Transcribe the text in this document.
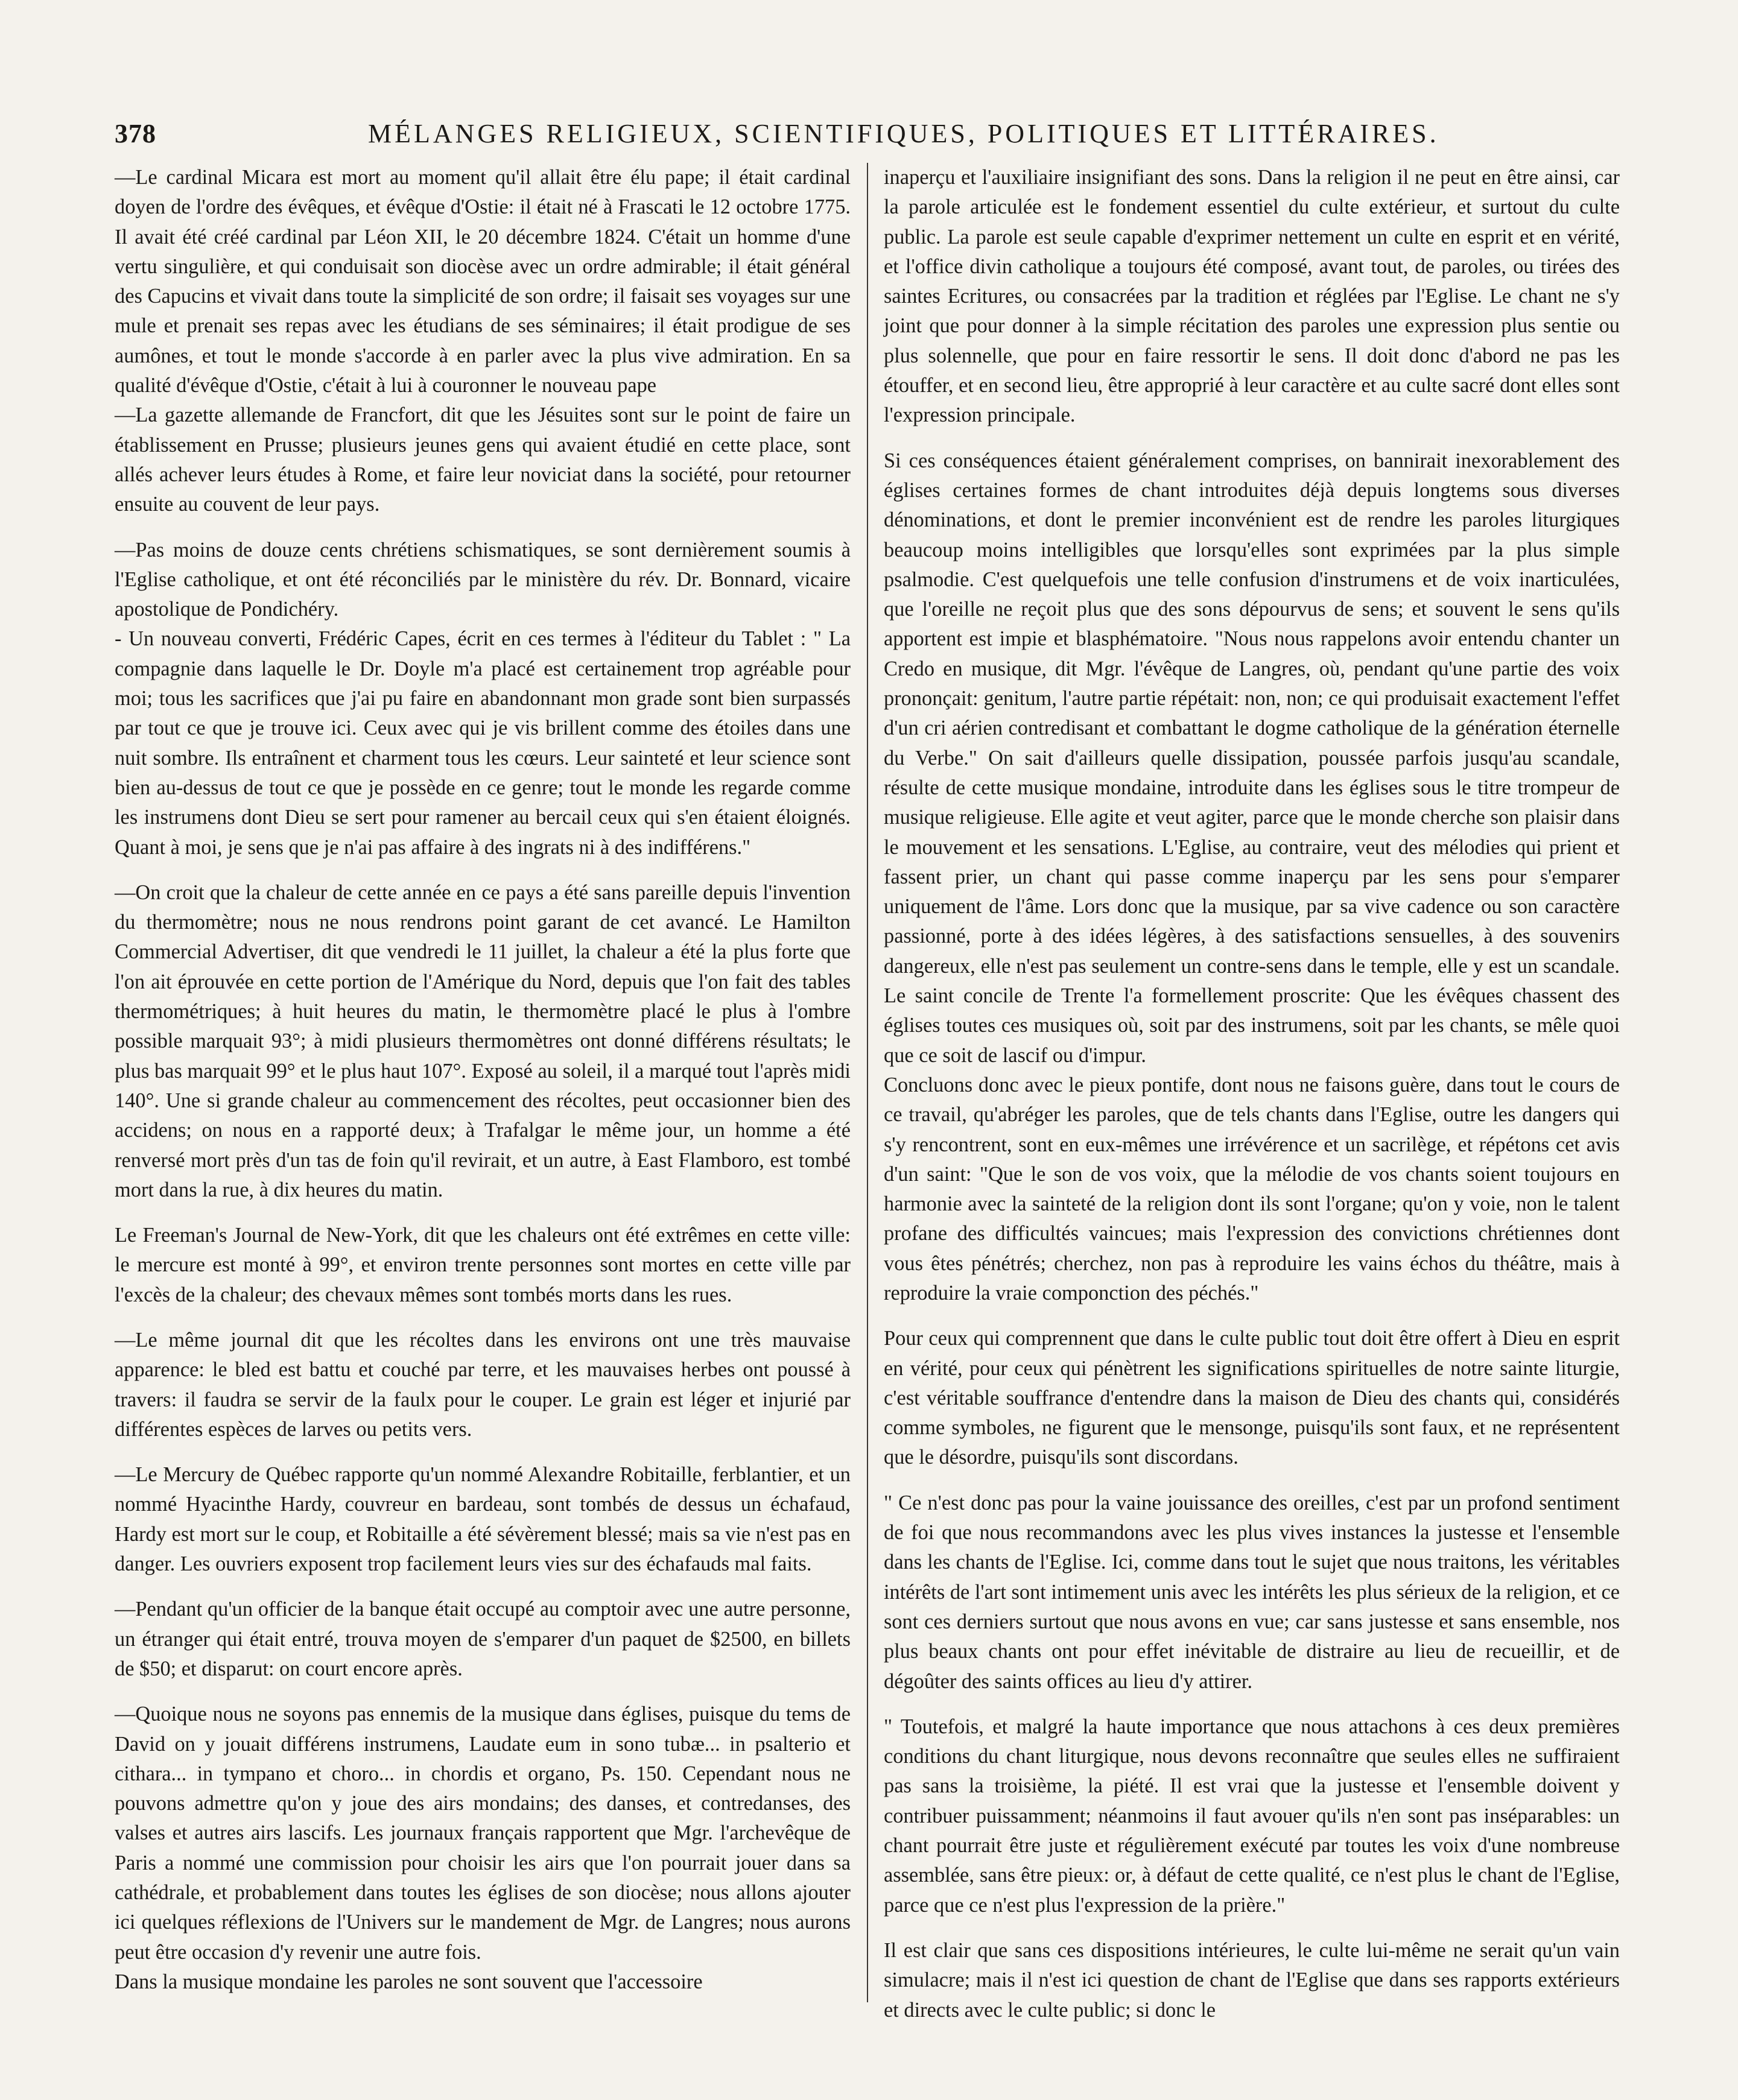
378	MÉLANGES RELIGIEUX, SCIENTIFIQUES, POLITIQUES ET LITTÉRAIRES.

—Le cardinal Micara est mort au moment qu'il allait être élu pape; il était cardinal doyen de l'ordre des évêques, et évêque d'Ostie: il était né à Frascati le 12 octobre 1775. Il avait été créé cardinal par Léon XII, le 20 décembre 1824. C'était un homme d'une vertu singulière, et qui conduisait son diocèse avec un ordre admirable; il était général des Capucins et vivait dans toute la simplicité de son ordre; il faisait ses voyages sur une mule et prenait ses repas avec les étudians de ses séminaires; il était prodigue de ses aumônes, et tout le monde s'accorde à en parler avec la plus vive admiration. En sa qualité d'évêque d'Ostie, c'était à lui à couronner le nouveau pape

—La gazette allemande de Francfort, dit que les Jésuites sont sur le point de faire un établissement en Prusse; plusieurs jeunes gens qui avaient étudié en cette place, sont allés achever leurs études à Rome, et faire leur noviciat dans la société, pour retourner ensuite au couvent de leur pays.

—Pas moins de douze cents chrétiens schismatiques, se sont dernièrement soumis à l'Eglise catholique, et ont été réconciliés par le ministère du rév. Dr. Bonnard, vicaire apostolique de Pondichéry.

- Un nouveau converti, Frédéric Capes, écrit en ces termes à l'éditeur du Tablet : " La compagnie dans laquelle le Dr. Doyle m'a placé est certainement trop agréable pour moi; tous les sacrifices que j'ai pu faire en abandonnant mon grade sont bien surpassés par tout ce que je trouve ici. Ceux avec qui je vis brillent comme des étoiles dans une nuit sombre. Ils entraînent et charment tous les cœurs. Leur sainteté et leur science sont bien au-dessus de tout ce que je possède en ce genre; tout le monde les regarde comme les instrumens dont Dieu se sert pour ramener au bercail ceux qui s'en étaient éloignés. Quant à moi, je sens que je n'ai pas affaire à des ingrats ni à des indifférens."

—On croit que la chaleur de cette année en ce pays a été sans pareille depuis l'invention du thermomètre; nous ne nous rendrons point garant de cet avancé. Le Hamilton Commercial Advertiser, dit que vendredi le 11 juillet, la chaleur a été la plus forte que l'on ait éprouvée en cette portion de l'Amérique du Nord, depuis que l'on fait des tables thermométriques; à huit heures du matin, le thermomètre placé le plus à l'ombre possible marquait 93°; à midi plusieurs thermomètres ont donné différens résultats; le plus bas marquait 99° et le plus haut 107°. Exposé au soleil, il a marqué tout l'après midi 140°. Une si grande chaleur au commencement des récoltes, peut occasionner bien des accidens; on nous en a rapporté deux; à Trafalgar le même jour, un homme a été renversé mort près d'un tas de foin qu'il revirait, et un autre, à East Flamboro, est tombé mort dans la rue, à dix heures du matin.

Le Freeman's Journal de New-York, dit que les chaleurs ont été extrêmes en cette ville: le mercure est monté à 99°, et environ trente personnes sont mortes en cette ville par l'excès de la chaleur; des chevaux mêmes sont tombés morts dans les rues.

—Le même journal dit que les récoltes dans les environs ont une très mauvaise apparence: le bled est battu et couché par terre, et les mauvaises herbes ont poussé à travers: il faudra se servir de la faulx pour le couper. Le grain est léger et injurié par différentes espèces de larves ou petits vers.

—Le Mercury de Québec rapporte qu'un nommé Alexandre Robitaille, ferblantier, et un nommé Hyacinthe Hardy, couvreur en bardeau, sont tombés de dessus un échafaud, Hardy est mort sur le coup, et Robitaille a été sévèrement blessé; mais sa vie n'est pas en danger. Les ouvriers exposent trop facilement leurs vies sur des échafauds mal faits.

—Pendant qu'un officier de la banque était occupé au comptoir avec une autre personne, un étranger qui était entré, trouva moyen de s'emparer d'un paquet de $2500, en billets de $50; et disparut: on court encore après.

—Quoique nous ne soyons pas ennemis de la musique dans églises, puisque du tems de David on y jouait différens instrumens, Laudate eum in sono tubæ... in psalterio et cithara... in tympano et choro... in chordis et organo, Ps. 150. Cependant nous ne pouvons admettre qu'on y joue des airs mondains; des danses, et contredanses, des valses et autres airs lascifs. Les journaux français rapportent que Mgr. l'archevêque de Paris a nommé une commission pour choisir les airs que l'on pourrait jouer dans sa cathédrale, et probablement dans toutes les églises de son diocèse; nous allons ajouter ici quelques réflexions de l'Univers sur le mandement de Mgr. de Langres; nous aurons peut être occasion d'y revenir une autre fois.

Dans la musique mondaine les paroles ne sont souvent que l'accessoire

inaperçu et l'auxiliaire insignifiant des sons. Dans la religion il ne peut en être ainsi, car la parole articulée est le fondement essentiel du culte extérieur, et surtout du culte public. La parole est seule capable d'exprimer nettement un culte en esprit et en vérité, et l'office divin catholique a toujours été composé, avant tout, de paroles, ou tirées des saintes Ecritures, ou consacrées par la tradition et réglées par l'Eglise. Le chant ne s'y joint que pour donner à la simple récitation des paroles une expression plus sentie ou plus solennelle, que pour en faire ressortir le sens. Il doit donc d'abord ne pas les étouffer, et en second lieu, être approprié à leur caractère et au culte sacré dont elles sont l'expression principale.

Si ces conséquences étaient généralement comprises, on bannirait inexorablement des églises certaines formes de chant introduites déjà depuis longtems sous diverses dénominations, et dont le premier inconvénient est de rendre les paroles liturgiques beaucoup moins intelligibles que lorsqu'elles sont exprimées par la plus simple psalmodie. C'est quelquefois une telle confusion d'instrumens et de voix inarticulées, que l'oreille ne reçoit plus que des sons dépourvus de sens; et souvent le sens qu'ils apportent est impie et blasphématoire. "Nous nous rappelons avoir entendu chanter un Credo en musique, dit Mgr. l'évêque de Langres, où, pendant qu'une partie des voix prononçait: genitum, l'autre partie répétait: non, non; ce qui produisait exactement l'effet d'un cri aérien contredisant et combattant le dogme catholique de la génération éternelle du Verbe." On sait d'ailleurs quelle dissipation, poussée parfois jusqu'au scandale, résulte de cette musique mondaine, introduite dans les églises sous le titre trompeur de musique religieuse. Elle agite et veut agiter, parce que le monde cherche son plaisir dans le mouvement et les sensations. L'Eglise, au contraire, veut des mélodies qui prient et fassent prier, un chant qui passe comme inaperçu par les sens pour s'emparer uniquement de l'âme. Lors donc que la musique, par sa vive cadence ou son caractère passionné, porte à des idées légères, à des satisfactions sensuelles, à des souvenirs dangereux, elle n'est pas seulement un contre-sens dans le temple, elle y est un scandale. Le saint concile de Trente l'a formellement proscrite: Que les évêques chassent des églises toutes ces musiques où, soit par des instrumens, soit par les chants, se mêle quoi que ce soit de lascif ou d'impur.

Concluons donc avec le pieux pontife, dont nous ne faisons guère, dans tout le cours de ce travail, qu'abréger les paroles, que de tels chants dans l'Eglise, outre les dangers qui s'y rencontrent, sont en eux-mêmes une irrévérence et un sacrilège, et répétons cet avis d'un saint: "Que le son de vos voix, que la mélodie de vos chants soient toujours en harmonie avec la sainteté de la religion dont ils sont l'organe; qu'on y voie, non le talent profane des difficultés vaincues; mais l'expression des convictions chrétiennes dont vous êtes pénétrés; cherchez, non pas à reproduire les vains échos du théâtre, mais à reproduire la vraie componction des péchés."

Pour ceux qui comprennent que dans le culte public tout doit être offert à Dieu en esprit en vérité, pour ceux qui pénètrent les significations spirituelles de notre sainte liturgie, c'est véritable souffrance d'entendre dans la maison de Dieu des chants qui, considérés comme symboles, ne figurent que le mensonge, puisqu'ils sont faux, et ne représentent que le désordre, puisqu'ils sont discordans.

" Ce n'est donc pas pour la vaine jouissance des oreilles, c'est par un profond sentiment de foi que nous recommandons avec les plus vives instances la justesse et l'ensemble dans les chants de l'Eglise. Ici, comme dans tout le sujet que nous traitons, les véritables intérêts de l'art sont intimement unis avec les intérêts les plus sérieux de la religion, et ce sont ces derniers surtout que nous avons en vue; car sans justesse et sans ensemble, nos plus beaux chants ont pour effet inévitable de distraire au lieu de recueillir, et de dégoûter des saints offices au lieu d'y attirer.

" Toutefois, et malgré la haute importance que nous attachons à ces deux premières conditions du chant liturgique, nous devons reconnaître que seules elles ne suffiraient pas sans la troisième, la piété. Il est vrai que la justesse et l'ensemble doivent y contribuer puissamment; néanmoins il faut avouer qu'ils n'en sont pas inséparables: un chant pourrait être juste et régulièrement exécuté par toutes les voix d'une nombreuse assemblée, sans être pieux: or, à défaut de cette qualité, ce n'est plus le chant de l'Eglise, parce que ce n'est plus l'expression de la prière."

Il est clair que sans ces dispositions intérieures, le culte lui-même ne serait qu'un vain simulacre; mais il n'est ici question de chant de l'Eglise que dans ses rapports extérieurs et directs avec le culte public; si donc le
